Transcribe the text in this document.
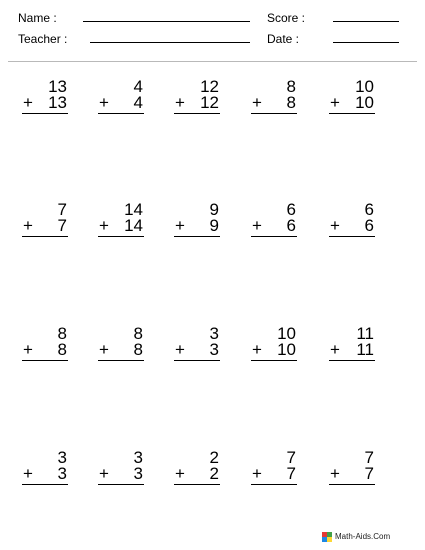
Name :
Teacher :
Score :
Date :
13
+ 13
4
+ 4
12
+ 12
8
+ 8
10
+ 10
7
+ 7
14
+ 14
9
+ 9
6
+ 6
6
+ 6
8
+ 8
8
+ 8
3
+ 3
10
+ 10
11
+ 11
3
+ 3
3
+ 3
2
+ 2
7
+ 7
7
+ 7
Math-Aids.Com
